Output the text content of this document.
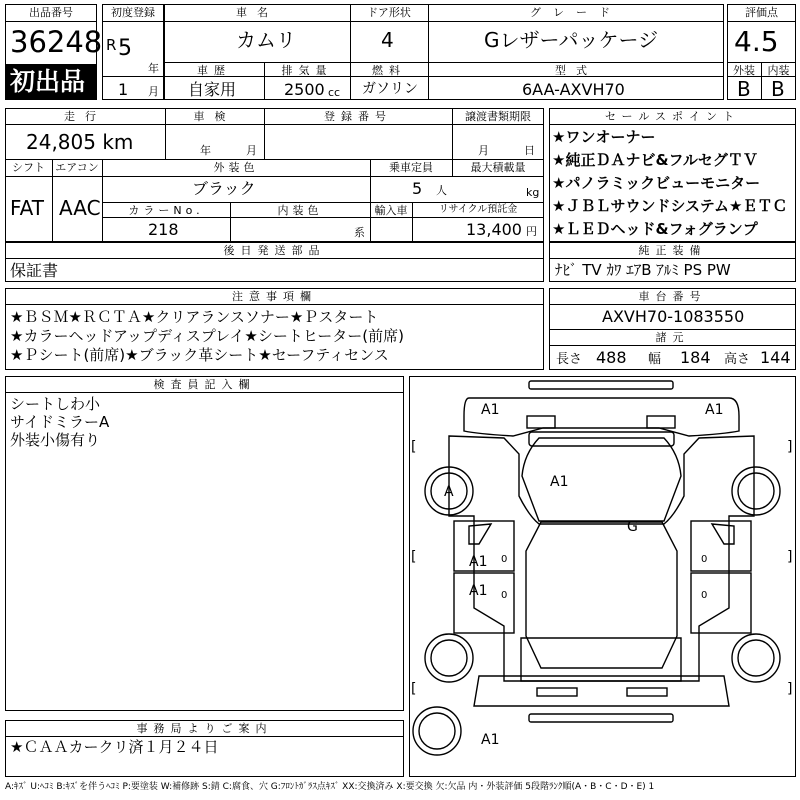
出品番号
36248
初出品
初度登録
R 5
年
1 月
車名
カムリ
ドア形状
4
グレード
Gレザーパッケージ
車歴
自家用
排気量
2500 cc
燃料
ガソリン
型式
6AA-AXVH70
評価点
4.5
外装	内装
B B
走行
24,805 km
車検
年	月
登録番号	譲渡書類期限
月	日
シフト
FAT
エアコン
AAC
外装色
ブラック
乗車定員
5 人
最大積載量
kg
カラーNo.
218
内装色
系
輸入車	リサイクル預託金
13,400 円
後日発送部品
保証書
セールスポイント
★ワンオーナー
★純正ＤＡナビ&フルセグＴＶ
★パノラミックビューモニター
★ＪＢＬサウンドシステム★ＥＴＣ
★ＬＥＤヘッド&フォグランプ
純正装備
ﾅﾋﾞ TV ｶﾜ ｴｱB ｱﾙﾐ PS PW
注意事項欄
★ＢＳＭ★ＲＣＴＡ★クリアランスソナー★Ｐスタート
★カラーヘッドアップディスプレイ★シートヒーター(前席)
★Ｐシート(前席)★ブラック革シート★セーフティセンス
車台番号
AXVH70-1083550
諸元
長さ 488 幅 184 高さ 144
検査員記入欄
シートしわ小
サイドミラーA
外装小傷有り
A1	A1
A1
A
G
A1
A1
A1
[	]
[	]
[	]
0
0
0
0
事務局よりご案内
★ＣＡＡカークリ済１月２４日
A:ｷｽﾞ U:ﾍｺﾐ B:ｷｽﾞを伴うﾍｺﾐ P:要塗装 W:補修跡 S:錆 C:腐食、穴 G:ﾌﾛﾝﾄｶﾞﾗｽ点ｷｽﾞ XX:交換済み X:要交換 欠:欠品 内・外装評価 5段階ﾗﾝｸ順(A・B・C・D・E) 1
